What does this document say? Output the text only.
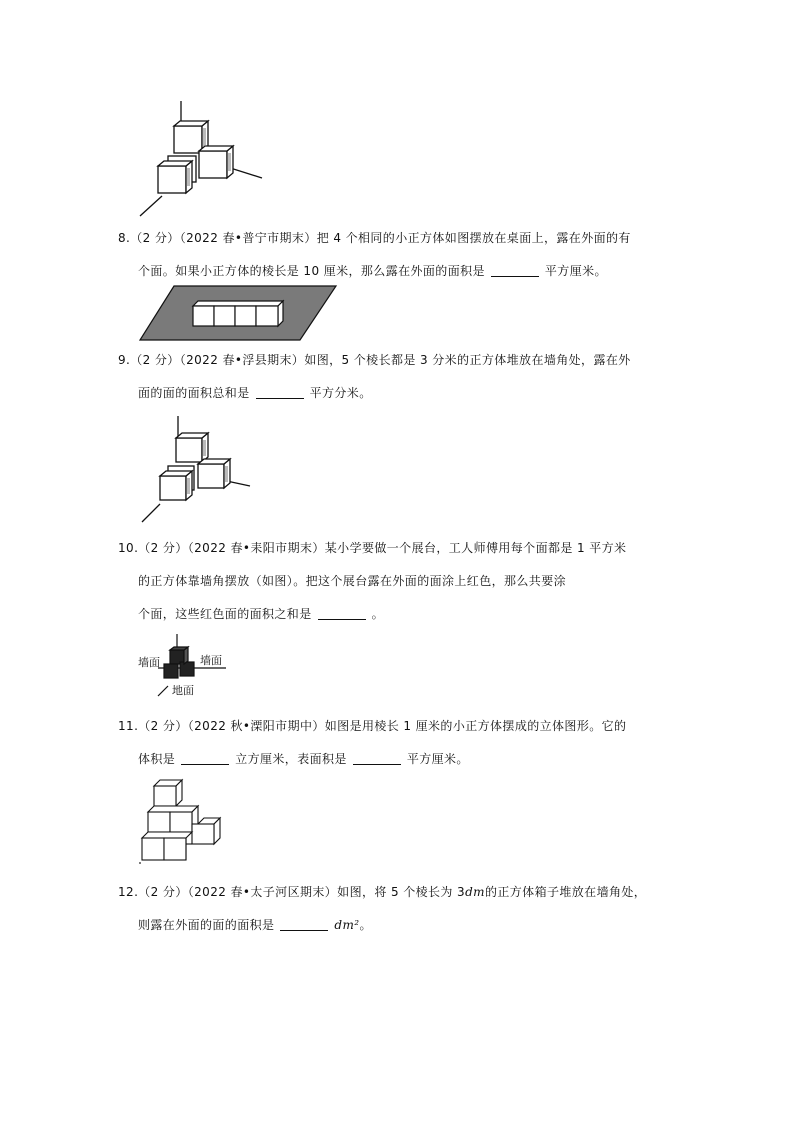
8.（2 分）（2022 春•普宁市期末）把 4 个相同的小正方体如图摆放在桌面上，露在外面的有
个面。如果小正方体的棱长是 10 厘米，那么露在外面的面积是	平方厘米。
9.（2 分）（2022 春•浮县期末）如图，5 个棱长都是 3 分米的正方体堆放在墙角处，露在外
面的面的面积总和是	平方分米。
10.（2 分）（2022 春•耒阳市期末）某小学要做一个展台，工人师傅用每个面都是 1 平方米
的正方体靠墙角摆放（如图）。把这个展台露在外面的面涂上红色，那么共要涂
个面，这些红色面的面积之和是	。
墙面	墙面
地面
11.（2 分）（2022 秋•溧阳市期中）如图是用棱长 1 厘米的小正方体摆成的立体图形。它的
体积是	立方厘米，表面积是	平方厘米。
12.（2 分）（2022 春•太子河区期末）如图，将 5 个棱长为 3dm的正方体箱子堆放在墙角处，
则露在外面的面的面积是	dm²。
